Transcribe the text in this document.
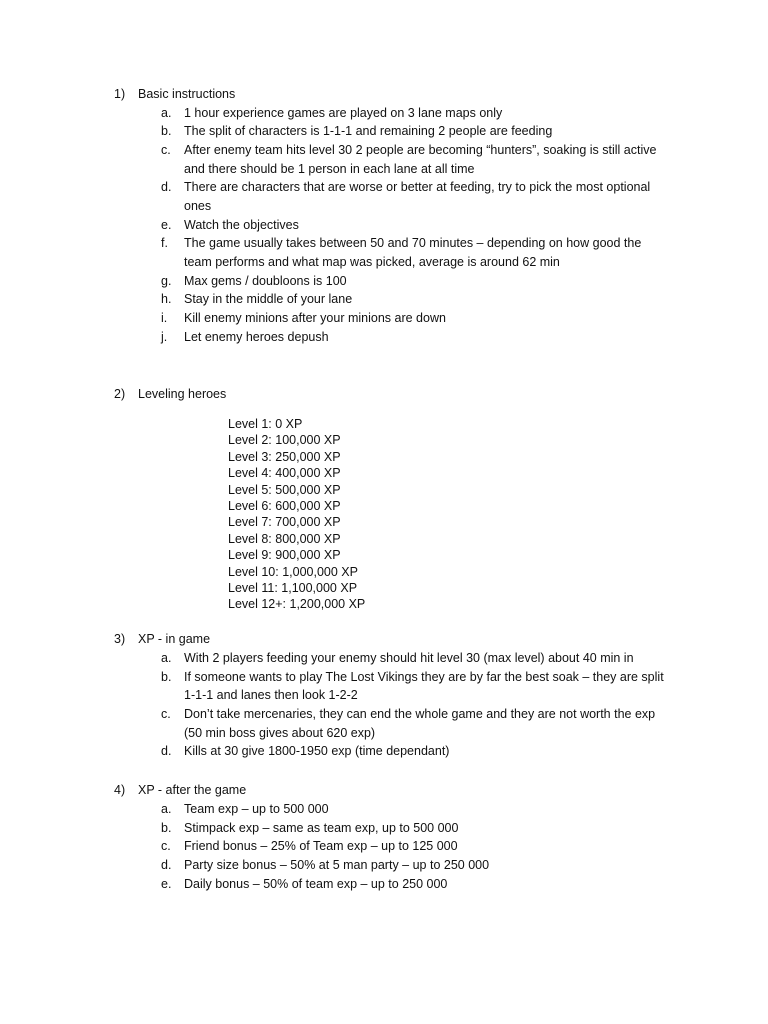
1)	Basic instructions
a.	1 hour experience games are played on 3 lane maps only
b.	The split of characters is 1-1-1 and remaining 2 people are feeding
c.	After enemy team hits level 30 2 people are becoming “hunters”, soaking is still active and there should be 1 person in each lane at all time
d.	There are characters that are worse or better at feeding, try to pick the most optional ones
e.	Watch the objectives
f.	The game usually takes between 50 and 70 minutes – depending on how good the team performs and what map was picked, average is around 62 min
g.	Max gems / doubloons is 100
h.	Stay in the middle of your lane
i.	Kill enemy minions after your minions are down
j.	Let enemy heroes depush
2)	Leveling heroes
Level 1: 0 XP
Level 2: 100,000 XP
Level 3: 250,000 XP
Level 4: 400,000 XP
Level 5: 500,000 XP
Level 6: 600,000 XP
Level 7: 700,000 XP
Level 8: 800,000 XP
Level 9: 900,000 XP
Level 10: 1,000,000 XP
Level 11: 1,100,000 XP
Level 12+: 1,200,000 XP
3)	XP - in game
a.	With 2 players feeding your enemy should hit level 30 (max level) about 40 min in
b.	If someone wants to play The Lost Vikings they are by far the best soak – they are split 1-1-1 and lanes then look 1-2-2
c.	Don’t take mercenaries, they can end the whole game and they are not worth the exp (50 min boss gives about 620 exp)
d.	Kills at 30 give 1800-1950 exp (time dependant)
4)	XP - after the game
a.	Team exp – up to 500 000
b.	Stimpack exp – same as team exp, up to 500 000
c.	Friend bonus – 25% of Team exp – up to 125 000
d.	Party size bonus – 50% at 5 man party – up to 250 000
e.	Daily bonus – 50% of team exp – up to 250 000
